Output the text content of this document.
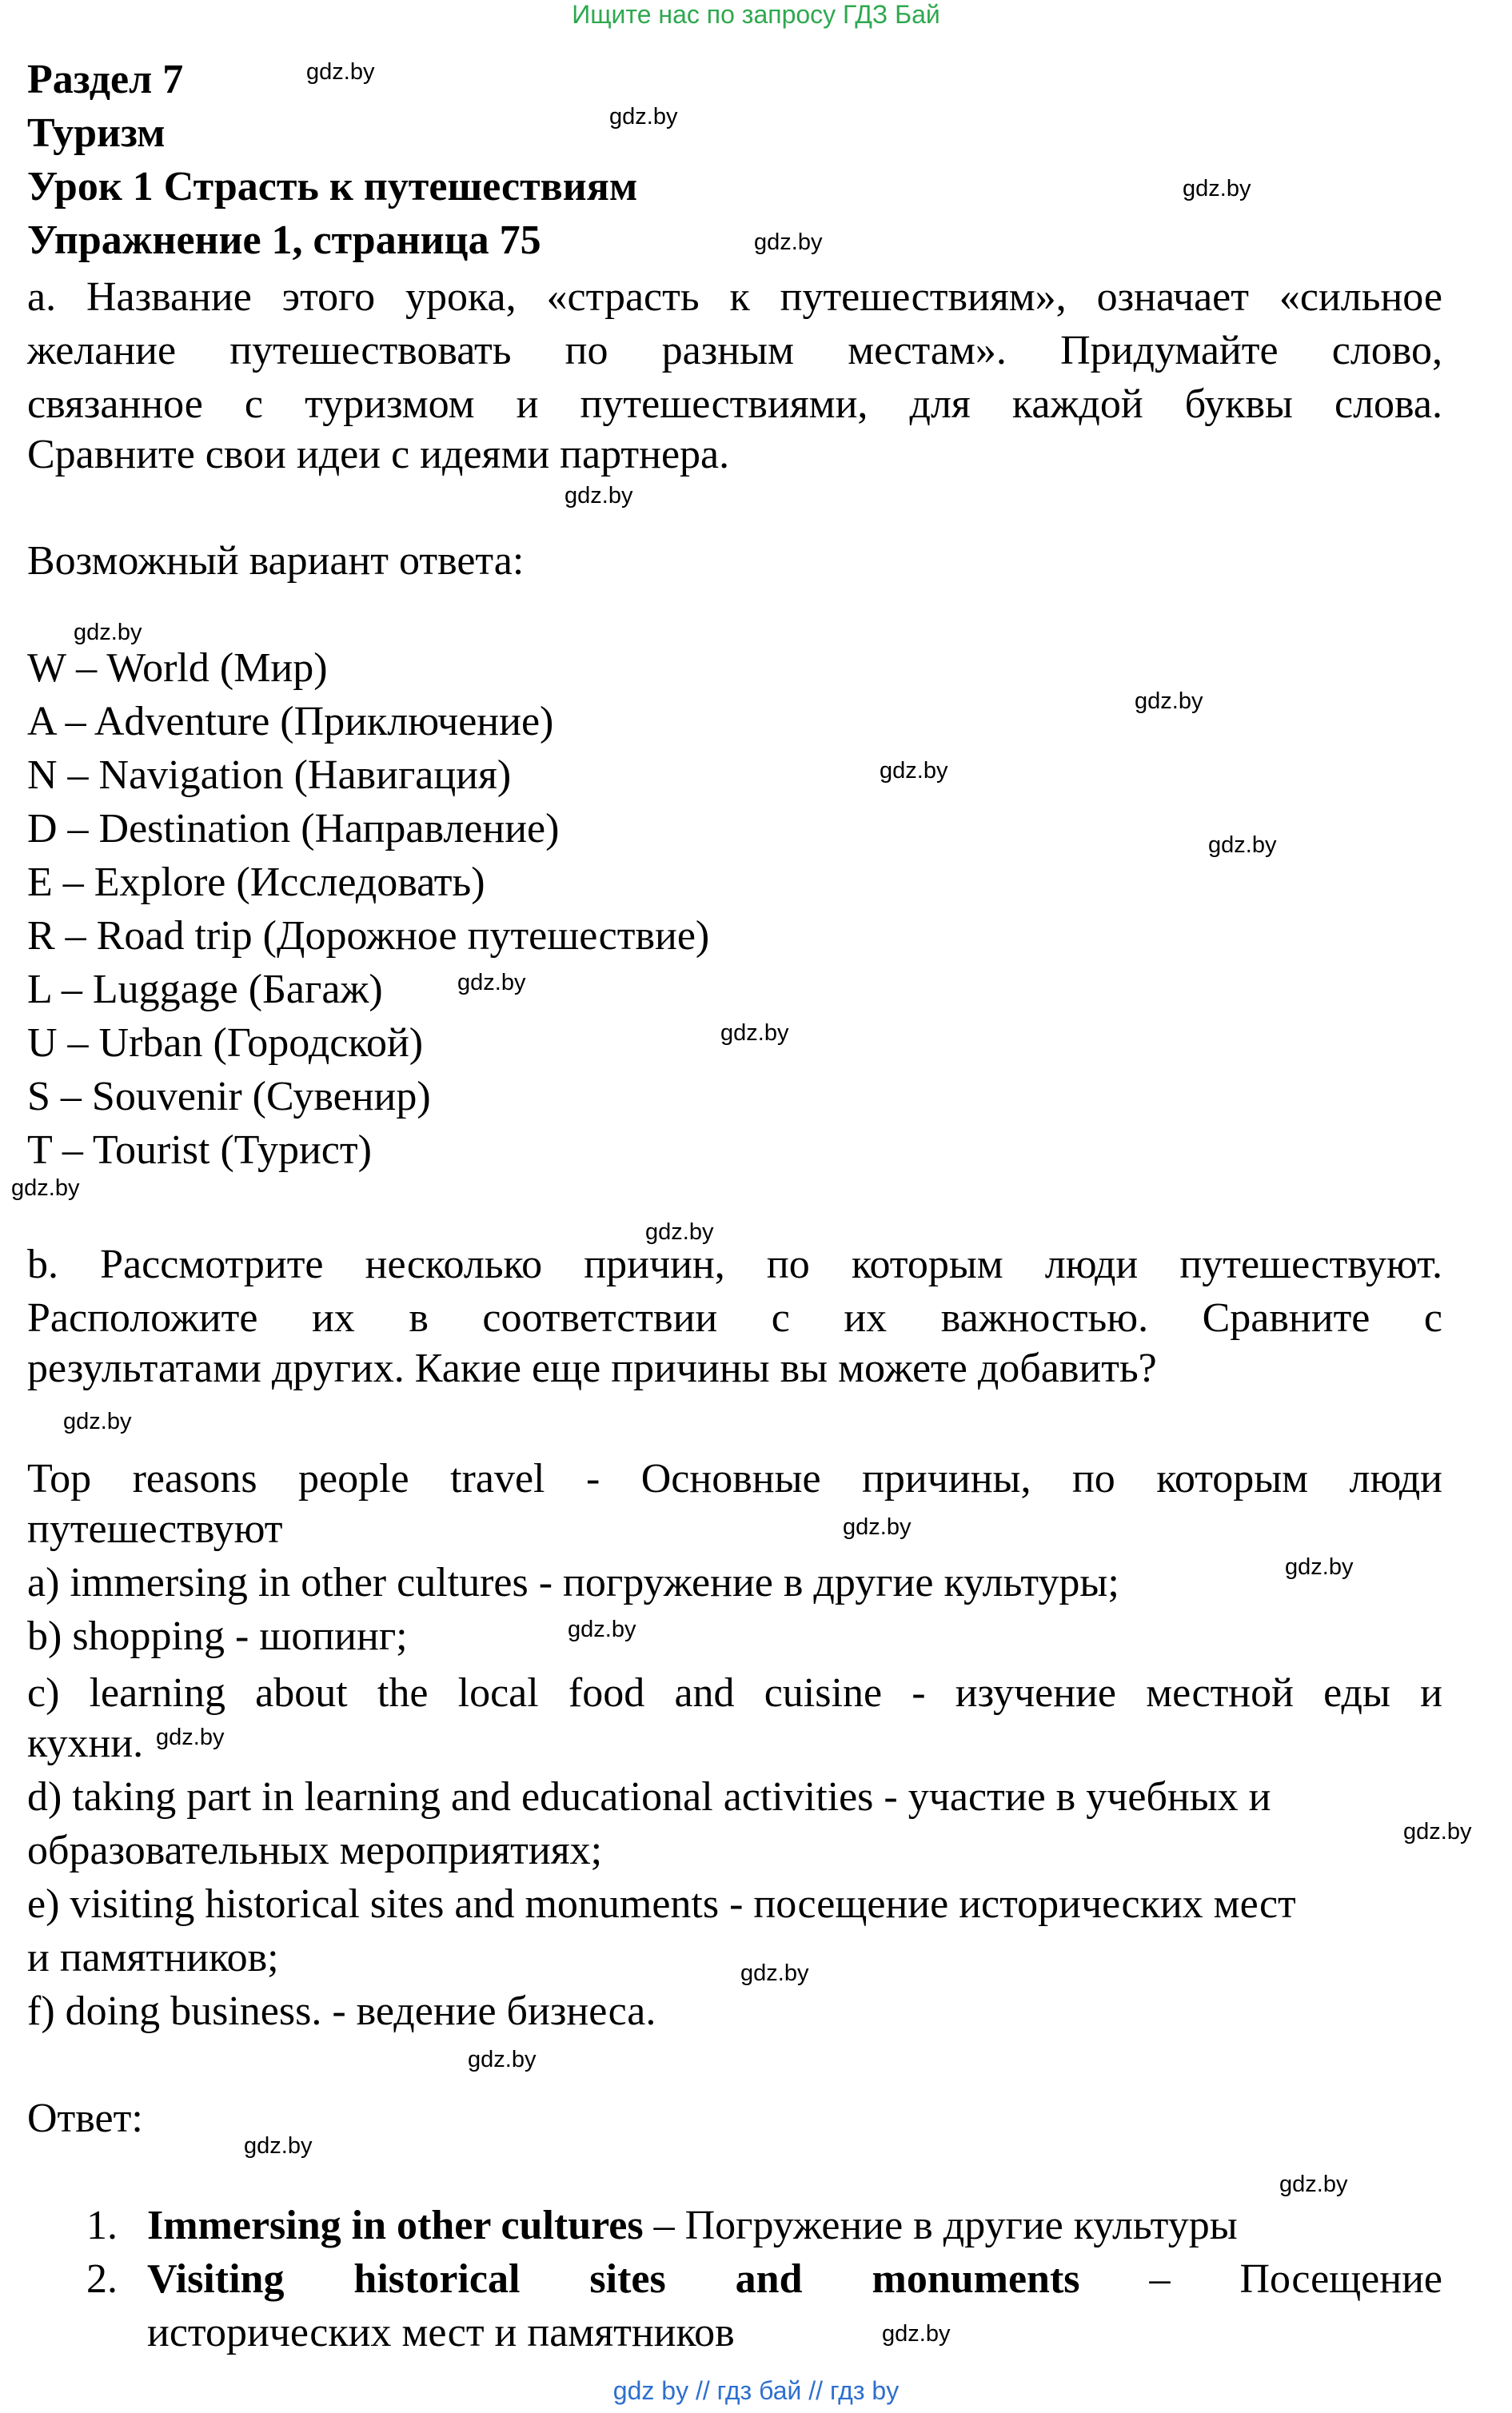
Ищите нас по запросу ГДЗ Бай
Раздел 7
Туризм
Урок 1 Страсть к путешествиям
Упражнение 1, страница 75
a. Название этого урока, «страсть к путешествиям», означает «сильное
желание путешествовать по разным местам». Придумайте слово,
связанное с туризмом и путешествиями, для каждой буквы слова.
Сравните свои идеи с идеями партнера.
Возможный вариант ответа:
W – World (Мир)
A – Adventure (Приключение)
N – Navigation (Навигация)
D – Destination (Направление)
E – Explore (Исследовать)
R – Road trip (Дорожное путешествие)
L – Luggage (Багаж)
U – Urban (Городской)
S – Souvenir (Сувенир)
T – Tourist (Турист)
b. Рассмотрите несколько причин, по которым люди путешествуют.
Расположите их в соответствии с их важностью. Сравните с
результатами других. Какие еще причины вы можете добавить?
Top reasons people travel - Основные причины, по которым люди
путешествуют
a) immersing in other cultures - погружение в другие культуры;
b) shopping - шопинг;
c) learning about the local food and cuisine - изучение местной еды и
кухни.
d) taking part in learning and educational activities - участие в учебных и
образовательных мероприятиях;
e) visiting historical sites and monuments - посещение исторических мест
и памятников;
f) doing business. - ведение бизнеса.
Ответ:
1. Immersing in other cultures – Погружение в другие культуры
2. Visiting historical sites and monuments – Посещение
исторических мест и памятников
gdz.by
gdz.by
gdz.by
gdz.by
gdz.by
gdz.by
gdz.by
gdz.by
gdz.by
gdz.by
gdz.by
gdz.by
gdz.by
gdz.by
gdz.by
gdz.by
gdz.by
gdz.by
gdz.by
gdz.by
gdz.by
gdz.by
gdz.by
gdz.by
gdz by // гдз бай // гдз by
